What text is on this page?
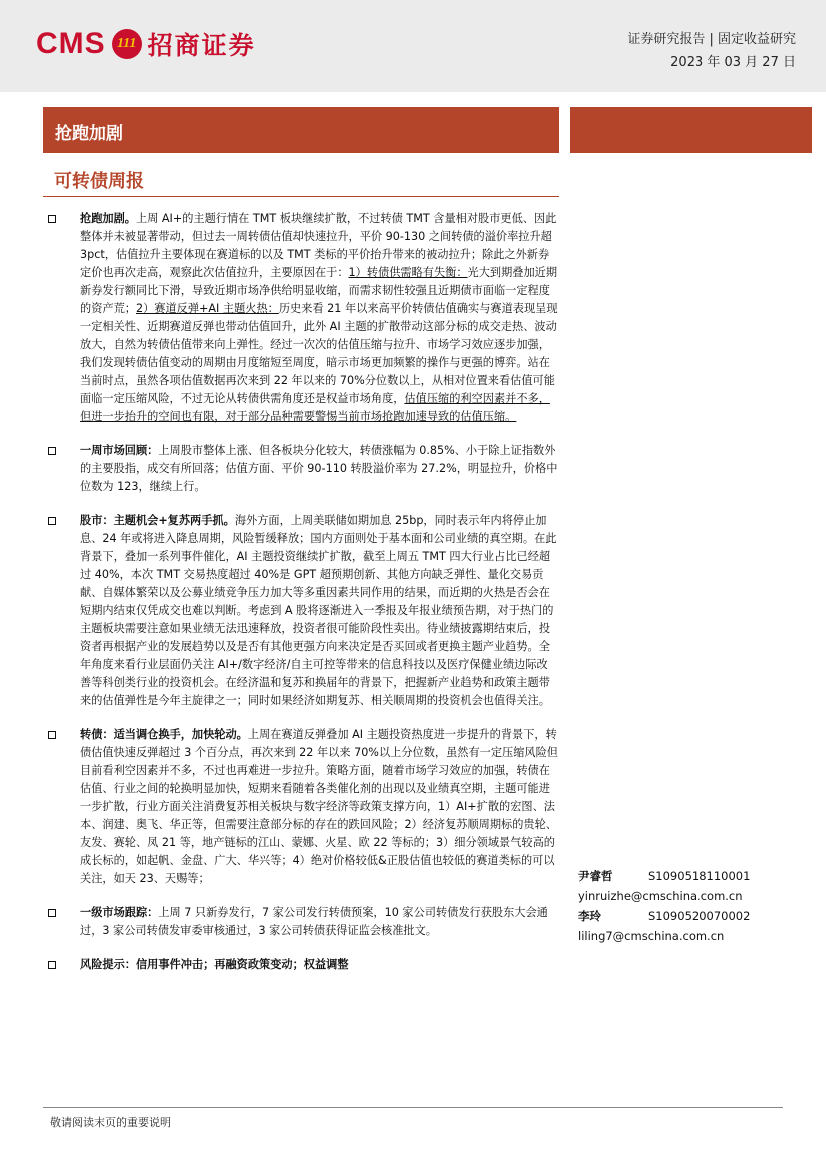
CMS 111 招商证券	证券研究报告 | 固定收益研究
2023 年 03 月 27 日
抢跑加剧
可转债周报
抢跑加剧。上周 AI+的主题行情在 TMT 板块继续扩散，不过转债 TMT 含量相对股市更低、因此整体并未被显著带动，但过去一周转债估值却快速拉升，平价 90-130 之间转债的溢价率拉升超 3pct，估值拉升主要体现在赛道标的以及 TMT 类标的平价抬升带来的被动拉升；除此之外新券定价也再次走高，观察此次估值拉升，主要原因在于：1）转债供需略有失衡：光大到期叠加近期新券发行额同比下滑，导致近期市场净供给明显收缩，而需求韧性较强且近期债市面临一定程度的资产荒；2）赛道反弹+AI 主题火热：历史来看 21 年以来高平价转债估值确实与赛道表现呈现一定相关性、近期赛道反弹也带动估值回升，此外 AI 主题的扩散带动这部分标的成交走热、波动放大，自然为转债估值带来向上弹性。经过一次次的估值压缩与拉升、市场学习效应逐步加强，我们发现转债估值变动的周期由月度缩短至周度，暗示市场更加频繁的操作与更强的博弈。站在当前时点，虽然各项估值数据再次来到 22 年以来的 70%分位数以上，从相对位置来看估值可能面临一定压缩风险，不过无论从转债供需角度还是权益市场角度，估值压缩的利空因素并不多，但进一步抬升的空间也有限，对于部分品种需要警惕当前市场抢跑加速导致的估值压缩。
一周市场回顾：上周股市整体上涨、但各板块分化较大，转债涨幅为 0.85%、小于除上证指数外的主要股指，成交有所回落；估值方面、平价 90-110 转股溢价率为 27.2%，明显拉升，价格中位数为 123，继续上行。
股市：主题机会+复苏两手抓。海外方面，上周美联储如期加息 25bp，同时表示年内将停止加息、24 年或将进入降息周期，风险暂缓释放；国内方面则处于基本面和公司业绩的真空期。在此背景下，叠加一系列事件催化，AI 主题投资继续扩扩散，截至上周五 TMT 四大行业占比已经超过 40%，本次 TMT 交易热度超过 40%是 GPT 超预期创新、其他方向缺乏弹性、量化交易贡献、自媒体繁荣以及公募业绩竞争压力加大等多重因素共同作用的结果，而近期的火热是否会在短期内结束仅凭成交也难以判断。考虑到 A 股将逐渐进入一季报及年报业绩预告期，对于热门的主题板块需要注意如果业绩无法迅速释放，投资者很可能阶段性卖出。待业绩披露期结束后，投资者再根据产业的发展趋势以及是否有其他更强方向来决定是否买回或者更换主题产业趋势。全年角度来看行业层面仍关注 AI+/数字经济/自主可控等带来的信息科技以及医疗保健业绩边际改善等科创类行业的投资机会。在经济温和复苏和换届年的背景下，把握新产业趋势和政策主题带来的估值弹性是今年主旋律之一；同时如果经济如期复苏、相关顺周期的投资机会也值得关注。
转债：适当调仓换手，加快轮动。上周在赛道反弹叠加 AI 主题投资热度进一步提升的背景下，转债估值快速反弹超过 3 个百分点，再次来到 22 年以来 70%以上分位数，虽然有一定压缩风险但目前看利空因素并不多，不过也再难进一步拉升。策略方面，随着市场学习效应的加强，转债在估值、行业之间的轮换明显加快，短期来看随着各类催化剂的出现以及业绩真空期，主题可能进一步扩散，行业方面关注消费复苏相关板块与数字经济等政策支撑方向，1）AI+扩散的宏图、法本、润建、奥飞、华正等，但需要注意部分标的存在的跌回风险；2）经济复苏顺周期标的贵轮、友发、赛轮、凤 21 等，地产链标的江山、蒙娜、火星、欧 22 等标的；3）细分领域景气较高的成长标的，如起帆、金盘、广大、华兴等；4）绝对价格较低&正股估值也较低的赛道类标的可以关注，如天 23、天赐等；
一级市场跟踪：上周 7 只新券发行，7 家公司发行转债预案，10 家公司转债发行获股东大会通过，3 家公司转债发审委审核通过，3 家公司转债获得证监会核准批文。
风险提示：信用事件冲击；再融资政策变动；权益调整
尹睿哲	S1090518110001
yinruizhe@cmschina.com.cn
李玲	S1090520070002
liling7@cmschina.com.cn
敬请阅读末页的重要说明
